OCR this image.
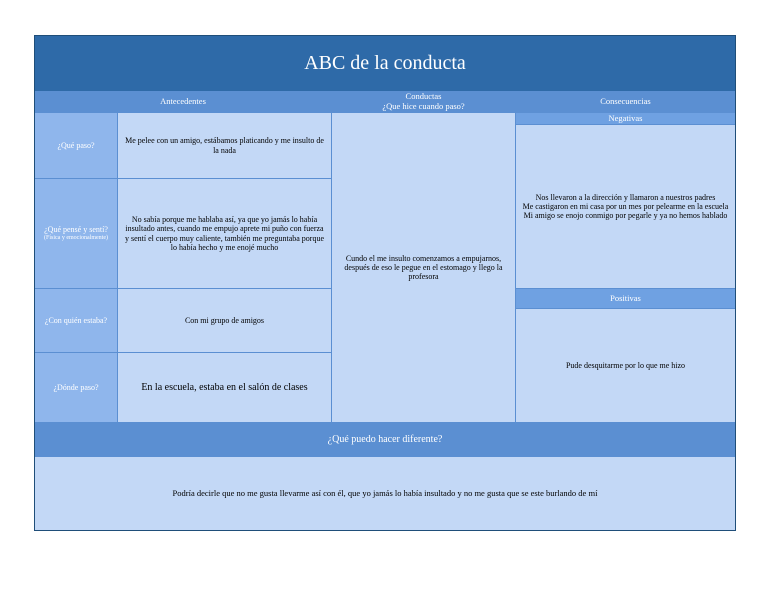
ABC de la conducta
Antecedentes	Conductas
¿Que hice cuando paso?	Consecuencias
¿Qué paso?
¿Qué pensé y sentí?
(Física y emocionalmente)
¿Con quién estaba?
¿Dónde paso?
Me pelee con un amigo, estábamos platicando y me insulto de la nada
No sabía porque me hablaba así, ya que yo jamás lo había insultado antes, cuando me empujo aprete mi puño con fuerza y sentí el cuerpo muy caliente, también me preguntaba porque lo había hecho y me enojé mucho
Con mi grupo de amigos
En la escuela, estaba en el salón de clases
Cundo el me insulto comenzamos a empujarnos, después de eso le pegue en el estomago y llego la profesora
Negativas
Nos llevaron a la dirección y llamaron a nuestros padres
Me castigaron en mi casa por un mes por pelearme en la escuela
Mi amigo se enojo conmigo por pegarle y ya no hemos hablado
Positivas
Pude desquitarme por lo que me hizo
¿Qué puedo hacer diferente?
Podría decirle que no me gusta llevarme así con él, que yo jamás lo había insultado y no me gusta que se este burlando de mí
